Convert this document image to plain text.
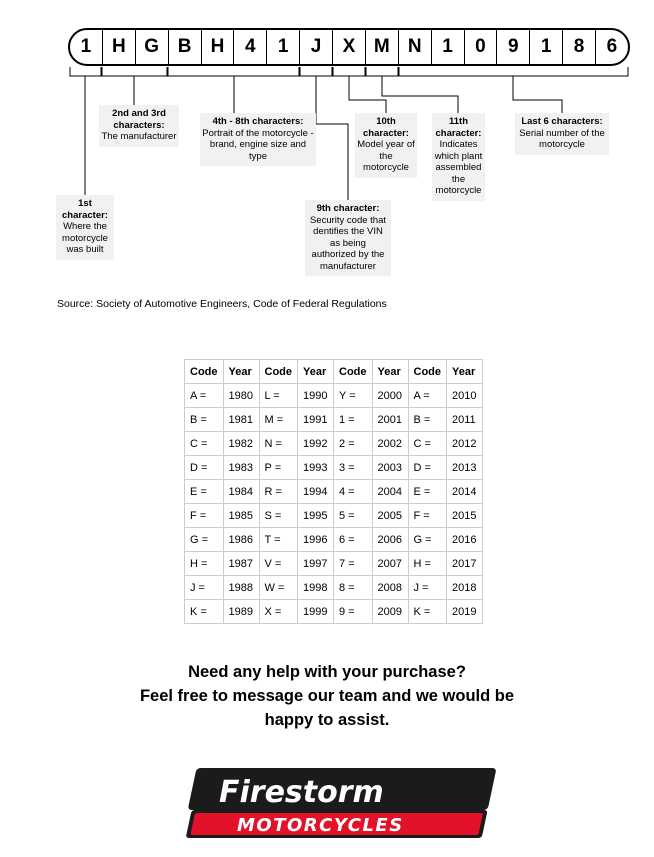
1	H G B	H	4	1	J	X M N	1	0	9	1	8	6
1st character:
Where the motorcycle was built
2nd and 3rd characters:
The manufacturer
4th - 8th characters:
Portrait of the motorcycle - brand, engine size and type
9th character:
Security code that dentifies the VIN as being authorized by the manufacturer
10th character:
Model year of the motorcycle
11th character:
Indicates which plant assembled the motorcycle
Last 6 characters:
Serial number of the motorcycle
Source: Society of Automotive Engineers, Code of Federal Regulations
Code	Year	Code	Year	Code	Year	Code	Year
A =	1980	L =	1990	Y =	2000	A =	2010
B =	1981	M =	1991	1 =	2001	B =	2011
C =	1982	N =	1992	2 =	2002	C =	2012
D =	1983	P =	1993	3 =	2003	D =	2013
E =	1984	R =	1994	4 =	2004	E =	2014
F =	1985	S =	1995	5 =	2005	F =	2015
G =	1986	T =	1996	6 =	2006	G =	2016
H =	1987	V =	1997	7 =	2007	H =	2017
J =	1988	W =	1998	8 =	2008	J =	2018
K =	1989	X =	1999	9 =	2009	K =	2019
Need any help with your purchase?
Feel free to message our team and we would be
happy to assist.
Firestorm
MOTORCYCLES
